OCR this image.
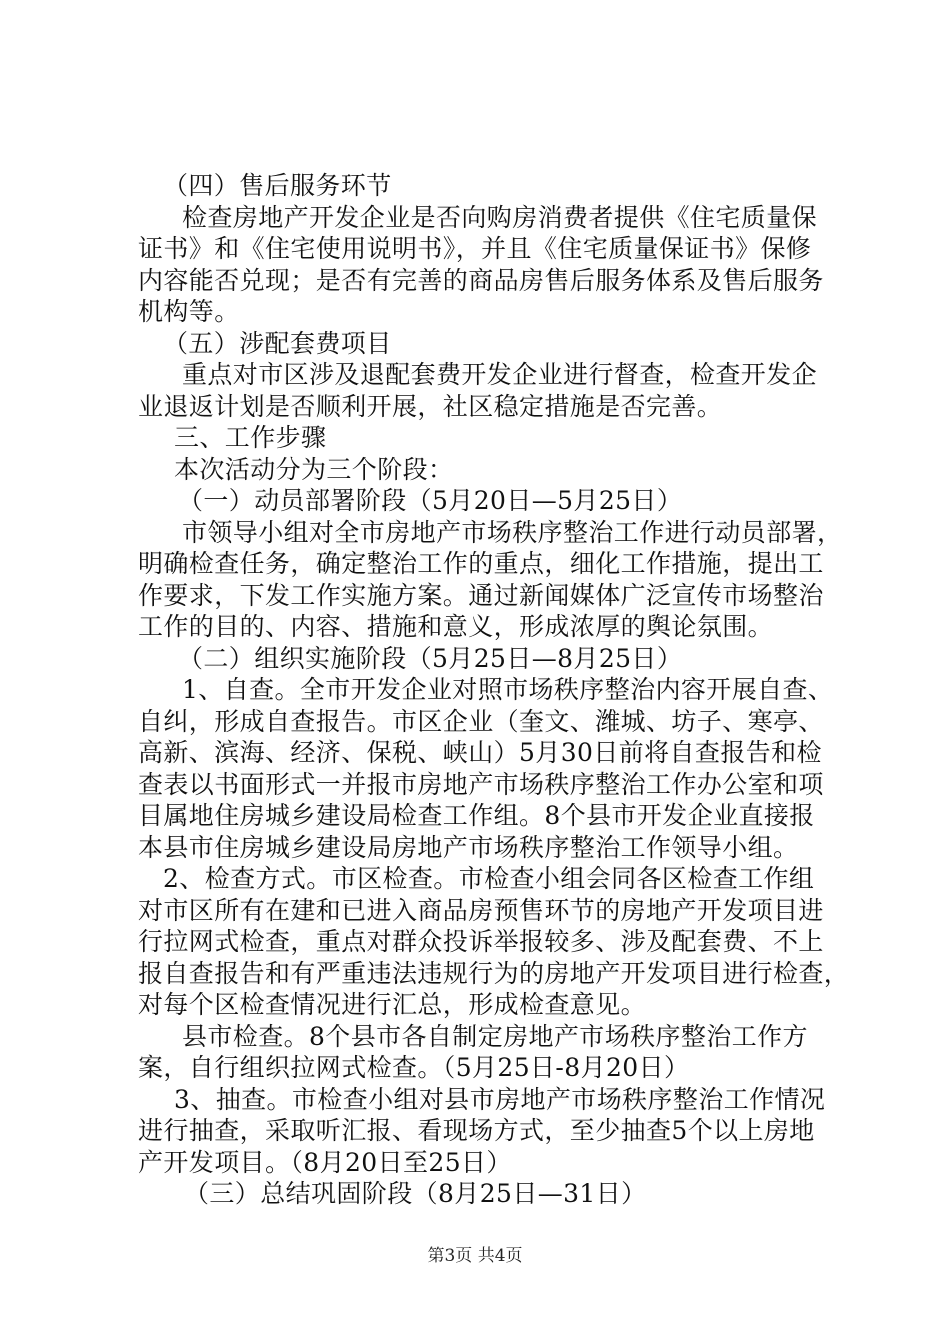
（四）售后服务环节
检查房地产开发企业是否向购房消费者提供《住宅质量保
证书》和《住宅使用说明书》，并且《住宅质量保证书》保修
内容能否兑现；是否有完善的商品房售后服务体系及售后服务
机构等。
（五）涉配套费项目
重点对市区涉及退配套费开发企业进行督查，检查开发企
业退返计划是否顺利开展，社区稳定措施是否完善。
三、工作步骤
本次活动分为三个阶段：
（一）动员部署阶段（5月20日—5月25日）
市领导小组对全市房地产市场秩序整治工作进行动员部署，
明确检查任务，确定整治工作的重点，细化工作措施，提出工
作要求，下发工作实施方案。通过新闻媒体广泛宣传市场整治
工作的目的、内容、措施和意义，形成浓厚的舆论氛围。
（二）组织实施阶段（5月25日—8月25日）
1、自查。全市开发企业对照市场秩序整治内容开展自查、
自纠，形成自查报告。市区企业（奎文、潍城、坊子、寒亭、
高新、滨海、经济、保税、峡山）5月30日前将自查报告和检
查表以书面形式一并报市房地产市场秩序整治工作办公室和项
目属地住房城乡建设局检查工作组。8个县市开发企业直接报
本县市住房城乡建设局房地产市场秩序整治工作领导小组。
2、检查方式。市区检查。市检查小组会同各区检查工作组
对市区所有在建和已进入商品房预售环节的房地产开发项目进
行拉网式检查，重点对群众投诉举报较多、涉及配套费、不上
报自查报告和有严重违法违规行为的房地产开发项目进行检查，
对每个区检查情况进行汇总，形成检查意见。
县市检查。8个县市各自制定房地产市场秩序整治工作方
案，自行组织拉网式检查。（5月25日-8月20日）
3、抽查。市检查小组对县市房地产市场秩序整治工作情况
进行抽查，采取听汇报、看现场方式，至少抽查5个以上房地
产开发项目。（8月20日至25日）
（三）总结巩固阶段（8月25日—31日）
第3页 共4页
